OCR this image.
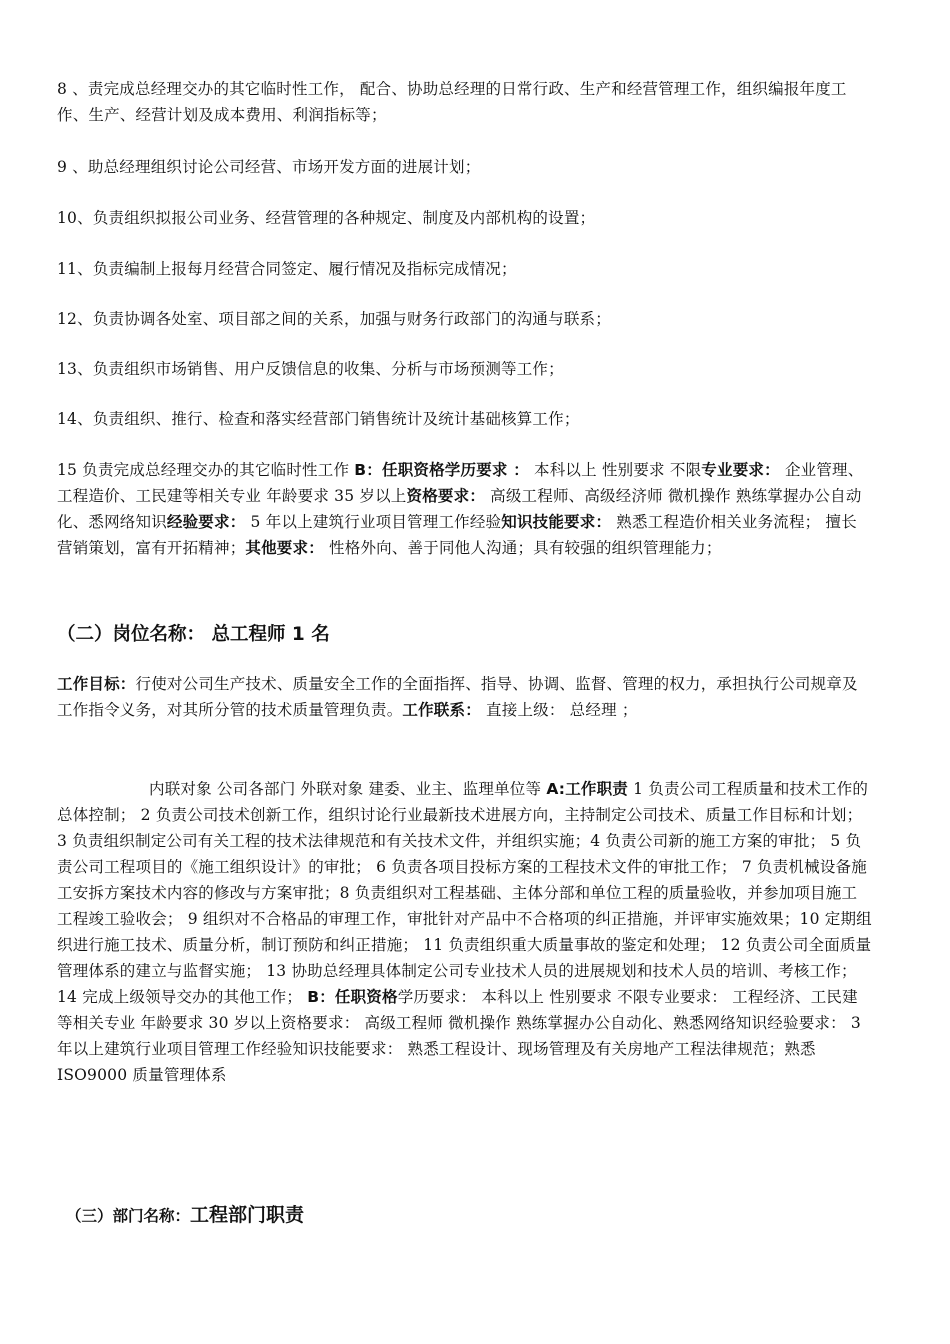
8 、责完成总经理交办的其它临时性工作， 配合、协助总经理的日常行政、生产和经营管理工作，组织编报年度工作、生产、经营计划及成本费用、利润指标等；

9 、助总经理组织讨论公司经营、市场开发方面的进展计划；

10、负责组织拟报公司业务、经营管理的各种规定、制度及内部机构的设置；

11、负责编制上报每月经营合同签定、履行情况及指标完成情况；

12、负责协调各处室、项目部之间的关系，加强与财务行政部门的沟通与联系；

13、负责组织市场销售、用户反馈信息的收集、分析与市场预测等工作；

14、负责组织、推行、检查和落实经营部门销售统计及统计基础核算工作；

15 负责完成总经理交办的其它临时性工作 B：任职资格学历要求 ： 本科以上 性别要求 不限专业要求： 企业管理、工程造价、工民建等相关专业 年龄要求 35 岁以上资格要求： 高级工程师、高级经济师 微机操作 熟练掌握办公自动化、悉网络知识经验要求： 5 年以上建筑行业项目管理工作经验知识技能要求： 熟悉工程造价相关业务流程； 擅长营销策划，富有开拓精神；其他要求： 性格外向、善于同他人沟通；具有较强的组织管理能力；

（二）岗位名称： 总工程师 1 名

工作目标：行使对公司生产技术、质量安全工作的全面指挥、指导、协调、监督、管理的权力，承担执行公司规章及工作指令义务，对其所分管的技术质量管理负责。工作联系： 直接上级： 总经理 ；

内联对象 公司各部门 外联对象 建委、业主、监理单位等 A:工作职责 1 负责公司工程质量和技术工作的总体控制； 2 负责公司技术创新工作，组织讨论行业最新技术进展方向，主持制定公司技术、质量工作目标和计划； 3 负责组织制定公司有关工程的技术法律规范和有关技术文件，并组织实施；4 负责公司新的施工方案的审批； 5 负责公司工程项目的《施工组织设计》的审批； 6 负责各项目投标方案的工程技术文件的审批工作； 7 负责机械设备施工安拆方案技术内容的修改与方案审批；8 负责组织对工程基础、主体分部和单位工程的质量验收，并参加项目施工工程竣工验收会； 9 组织对不合格品的审理工作，审批针对产品中不合格项的纠正措施，并评审实施效果；10 定期组织进行施工技术、质量分析，制订预防和纠正措施； 11 负责组织重大质量事故的鉴定和处理； 12 负责公司全面质量管理体系的建立与监督实施； 13 协助总经理具体制定公司专业技术人员的进展规划和技术人员的培训、考核工作；14 完成上级领导交办的其他工作； B：任职资格学历要求： 本科以上 性别要求 不限专业要求： 工程经济、工民建等相关专业 年龄要求 30 岁以上资格要求： 高级工程师 微机操作 熟练掌握办公自动化、熟悉网络知识经验要求： 3 年以上建筑行业项目管理工作经验知识技能要求： 熟悉工程设计、现场管理及有关房地产工程法律规范；熟悉 ISO9000 质量管理体系

（三）部门名称：工程部门职责
